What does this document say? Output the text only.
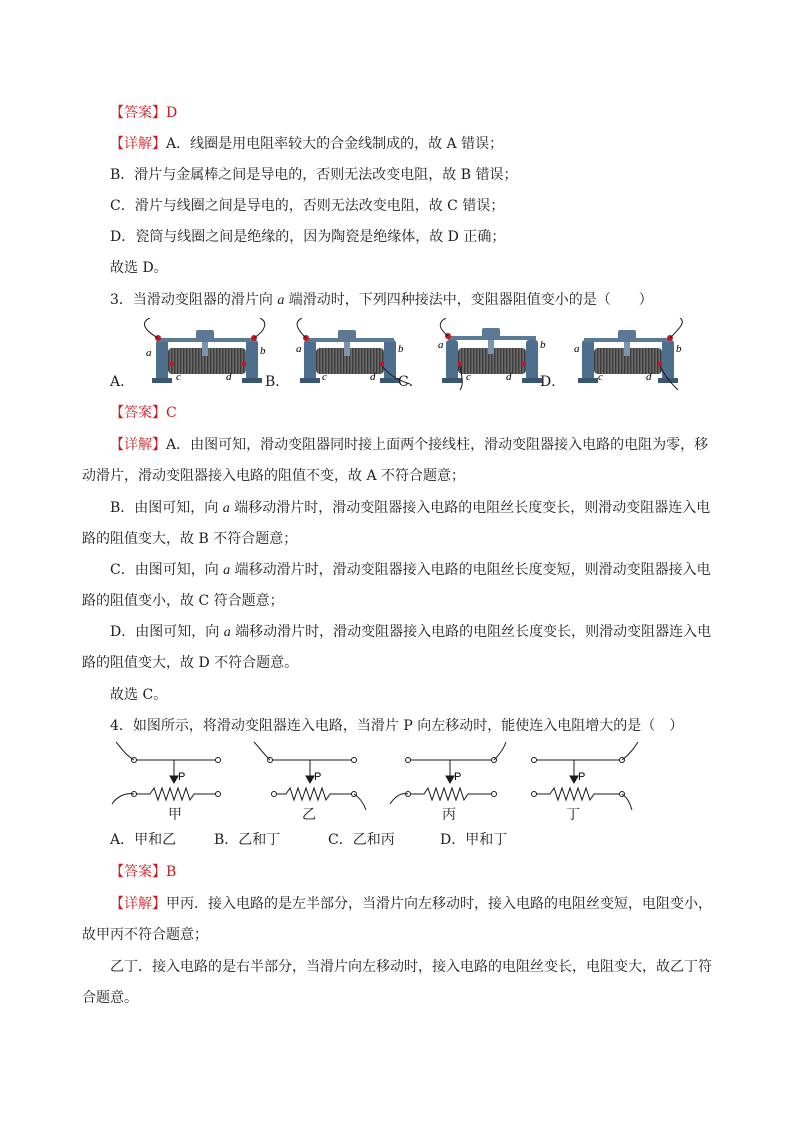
【答案】D
【详解】A．线圈是用电阻率较大的合金线制成的，故 A 错误；
B．滑片与金属棒之间是导电的，否则无法改变电阻，故 B 错误；
C．滑片与线圈之间是导电的，否则无法改变电阻，故 C 错误；
D．瓷筒与线圈之间是绝缘的，因为陶瓷是绝缘体，故 D 正确；
故选 D。
3．当滑动变阻器的滑片向 a 端滑动时，下列四种接法中，变阻器阻值变小的是（　　）
a	b
c	d
a	b
c	d
a	b
c	d
a	b
c	d
A．	B．	C．	D．
【答案】C
【详解】A．由图可知，滑动变阻器同时接上面两个接线柱，滑动变阻器接入电路的电阻为零，移
动滑片，滑动变阻器接入电路的阻值不变，故 A 不符合题意；
B．由图可知，向 a 端移动滑片时，滑动变阻器接入电路的电阻丝长度变长，则滑动变阻器连入电
路的阻值变大，故 B 不符合题意；
C．由图可知，向 a 端移动滑片时，滑动变阻器接入电路的电阻丝长度变短，则滑动变阻器接入电
路的阻值变小，故 C 符合题意；
D．由图可知，向 a 端移动滑片时，滑动变阻器接入电路的电阻丝长度变长，则滑动变阻器连入电
路的阻值变大，故 D 不符合题意。
故选 C。
4．如图所示，将滑动变阻器连入电路，当滑片 P 向左移动时，能使连入电阻增大的是（　）
P	P	P	P
甲	乙	丙	丁
A．甲和乙	B．乙和丁	C．乙和丙	D．甲和丁
【答案】B
【详解】甲丙．接入电路的是左半部分，当滑片向左移动时，接入电路的电阻丝变短，电阻变小，
故甲丙不符合题意；
乙丁．接入电路的是右半部分，当滑片向左移动时，接入电路的电阻丝变长，电阻变大，故乙丁符
合题意。
